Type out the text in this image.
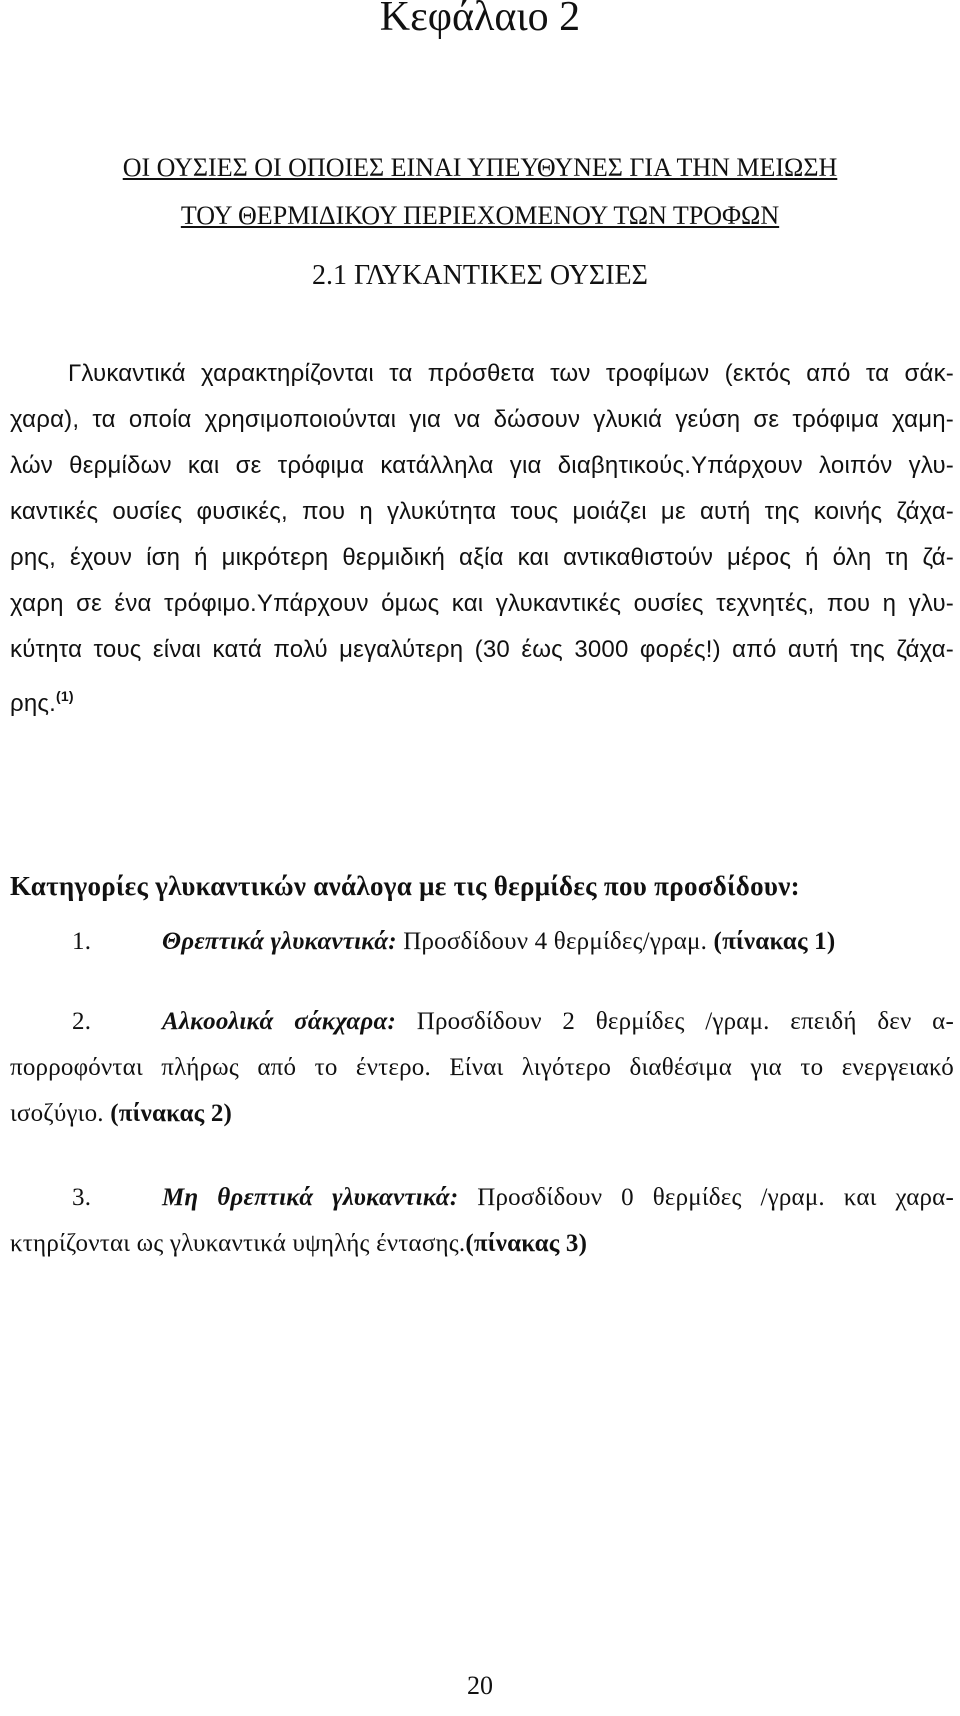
Κεφάλαιο 2
ΟΙ ΟΥΣΙΕΣ ΟΙ ΟΠΟΙΕΣ ΕΙΝΑΙ ΥΠΕΥΘΥΝΕΣ ΓΙΑ ΤΗΝ ΜΕΙΩΣΗ
ΤΟΥ ΘΕΡΜΙΔΙΚΟΥ ΠΕΡΙΕΧΟΜΕΝΟΥ ΤΩΝ ΤΡΟΦΩΝ
2.1 ΓΛΥΚΑΝΤΙΚΕΣ ΟΥΣΙΕΣ
Γλυκαντικά χαρακτηρίζονται τα πρόσθετα των τροφίμων (εκτός από τα σάκ-
χαρα), τα οποία χρησιμοποιούνται για να δώσουν γλυκιά γεύση σε τρόφιμα χαμη-
λών θερμίδων και σε τρόφιμα κατάλληλα για διαβητικούς.Υπάρχουν λοιπόν γλυ-
καντικές ουσίες φυσικές, που η γλυκύτητα τους μοιάζει με αυτή της κοινής ζάχα-
ρης, έχουν ίση ή μικρότερη θερμιδική αξία και αντικαθιστούν μέρος ή όλη τη ζά-
χαρη σε ένα τρόφιμο.Υπάρχουν όμως και γλυκαντικές ουσίες τεχνητές, που η γλυ-
κύτητα τους είναι κατά πολύ μεγαλύτερη (30 έως 3000 φορές!) από αυτή της ζάχα-
ρης.$^{(1)}$
Κατηγορίες γλυκαντικών ανάλογα με τις θερμίδες που προσδίδουν:
1.	Θρεπτικά γλυκαντικά: Προσδίδουν 4 θερμίδες/γραμ. (πίνακας 1)
2.	Αλκοολικά σάκχαρα: Προσδίδουν 2 θερμίδες /γραμ. επειδή δεν α-
πορροφόνται πλήρως από το έντερο. Είναι λιγότερο διαθέσιμα για το ενεργειακό
ισοζύγιο. (πίνακας 2)
3.	Μη θρεπτικά γλυκαντικά: Προσδίδουν 0 θερμίδες /γραμ. και χαρα-
κτηρίζονται ως γλυκαντικά υψηλής έντασης.(πίνακας 3)
20
